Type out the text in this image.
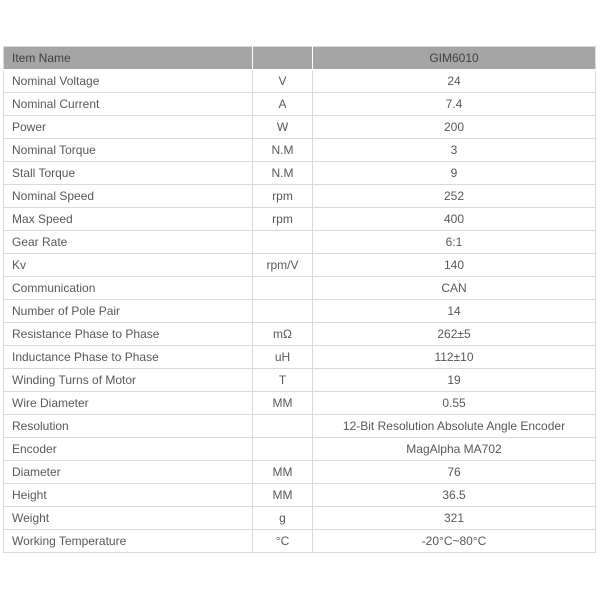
Item Name		GIM6010
Nominal Voltage	V	24
Nominal Current	A	7.4
Power	W	200
Nominal Torque	N.M	3
Stall Torque	N.M	9
Nominal Speed	rpm	252
Max Speed	rpm	400
Gear Rate		6:1
Kv	rpm/V	140
Communication		CAN
Number of Pole Pair		14
Resistance Phase to Phase	mΩ	262±5
Inductance Phase to Phase	uH	112±10
Winding Turns of Motor	T	19
Wire Diameter	MM	0.55
Resolution		12-Bit Resolution Absolute Angle Encoder
Encoder		MagAlpha MA702
Diameter	MM	76
Height	MM	36.5
Weight	g	321
Working Temperature	°C	-20°C~80°C
